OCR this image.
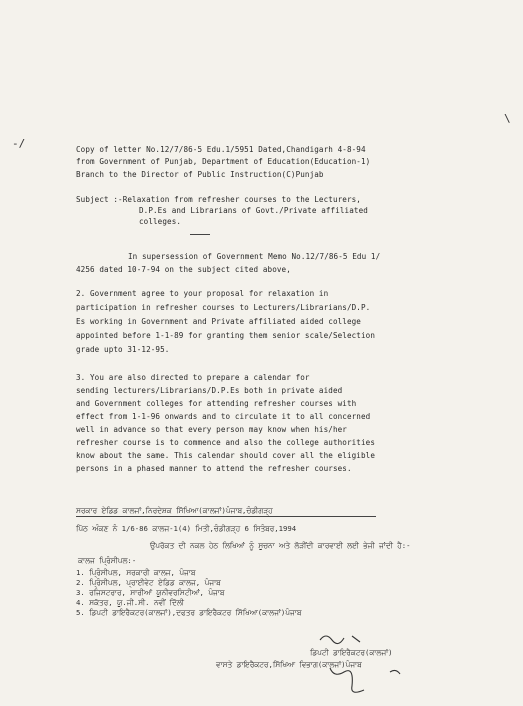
-/
\
Copy of letter No.12/7/86-5 Edu.1/5951 Dated,Chandigarh 4-8-94
from Government of Punjab, Department of Education(Education-1)
Branch to the Director of Public Instruction(C)Punjab
Subject :-Relaxation from refresher courses to the Lecturers,
D.P.Es and Librarians of Govt./Private affiliated
colleges.
In supersession of Government Memo No.12/7/86-5 Edu 1/
4256 dated 10-7-94 on the subject cited above,
2. Government agree to your proposal for relaxation in
participation in refresher courses to Lecturers/Librarians/D.P.
Es working in Government and Private affiliated aided college
appointed before 1-1-89 for granting them senior scale/Selection
grade upto 31-12-95.
3. You are also directed to prepare a calendar for
sending lecturers/Librarians/D.P.Es both in private aided
and Government colleges for attending refresher courses with
effect from 1-1-96 onwards and to circulate it to all concerned
well in advance so that every person may know when his/her
refresher course is to commence and also the college authorities
know about the same. This calendar should cover all the eligible
persons in a phased manner to attend the refresher courses.
ਸਰਕਾਰ ਏਡਿਡ ਕਾਲਜਾਂ,ਨਿਰਦੇਸ਼ਕ ਸਿੱਖਿਆ(ਕਾਲਜਾਂ)ਪੰਜਾਬ,ਚੰਡੀਗੜ੍ਹ
ਪਿੱਠ ਅੰਕਣ ਨੰ 1/6-86 ਕਾਲਜ-1(4) ਮਿਤੀ,ਚੰਡੀਗੜ੍ਹ 6 ਸਿਤੰਬਰ,1994
ਉਪਰੋਕਤ ਦੀ ਨਕਲ ਹੇਠ ਲਿਖਿਆਂ ਨੂੰ ਸੂਚਨਾ ਅਤੇ ਲੋੜੀਂਦੀ ਕਾਰਵਾਈ ਲਈ ਭੇਜੀ ਜਾਂਦੀ ਹੈ:-
ਕਾਲਜ ਪ੍ਰਿੰਸੀਪਲ:-
1. ਪ੍ਰਿੰਸੀਪਲ, ਸਰਕਾਰੀ ਕਾਲਜ, ਪੰਜਾਬ
2. ਪ੍ਰਿੰਸੀਪਲ, ਪ੍ਰਾਈਵੇਟ ਏਡਿਡ ਕਾਲਜ, ਪੰਜਾਬ
3. ਰਜਿਸਟਰਾਰ, ਸਾਰੀਆਂ ਯੂਨੀਵਰਸਿਟੀਆਂ, ਪੰਜਾਬ
4. ਸਕੱਤਰ, ਯੂ.ਜੀ.ਸੀ. ਨਵੀਂ ਦਿੱਲੀ
5. ਡਿਪਟੀ ਡਾਇਰੈਕਟਰ(ਕਾਲਜਾਂ),ਦਫਤਰ ਡਾਇਰੈਕਟਰ ਸਿੱਖਿਆ(ਕਾਲਜਾਂ)ਪੰਜਾਬ
ਡਿਪਟੀ ਡਾਇਰੈਕਟਰ(ਕਾਲਜਾਂ)
ਵਾਸਤੇ ਡਾਇਰੈਕਟਰ,ਸਿੱਖਿਆ ਵਿਭਾਗ(ਕਾਲਜਾਂ)ਪੰਜਾਬ
